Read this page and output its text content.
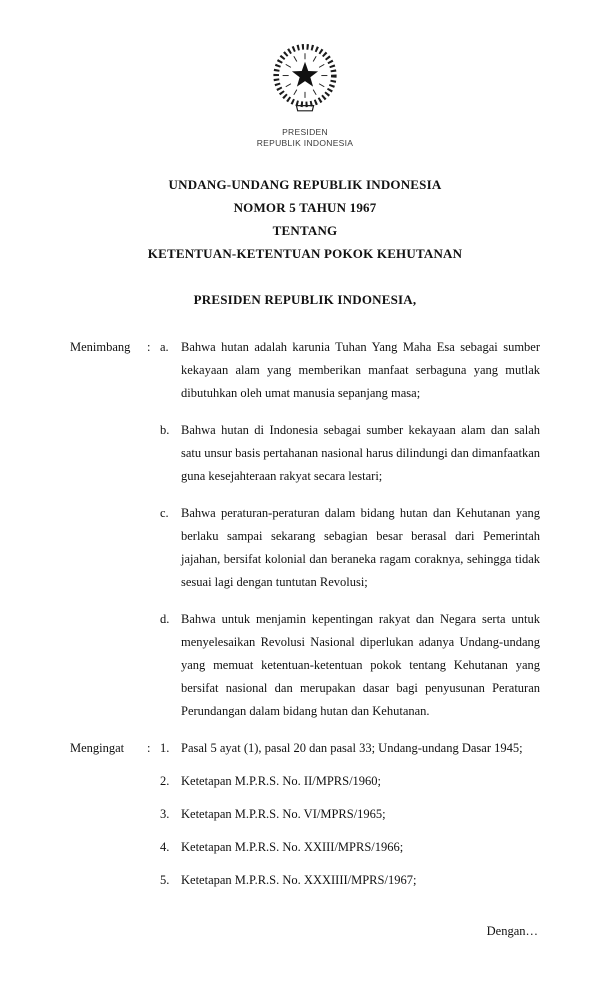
PRESIDEN
REPUBLIK INDONESIA
UNDANG-UNDANG REPUBLIK INDONESIA
NOMOR 5 TAHUN 1967
TENTANG
KETENTUAN-KETENTUAN POKOK KEHUTANAN
PRESIDEN REPUBLIK INDONESIA,
Menimbang	: a. Bahwa hutan adalah karunia Tuhan Yang Maha Esa sebagai sumber kekayaan alam yang memberikan manfaat serbaguna yang mutlak dibutuhkan oleh umat manusia sepanjang masa;
b. Bahwa hutan di Indonesia sebagai sumber kekayaan alam dan salah satu unsur basis pertahanan nasional harus dilindungi dan dimanfaatkan guna kesejahteraan rakyat secara lestari;
c. Bahwa peraturan-peraturan dalam bidang hutan dan Kehutanan yang berlaku sampai sekarang sebagian besar berasal dari Pemerintah jajahan, bersifat kolonial dan beraneka ragam coraknya, sehingga tidak sesuai lagi dengan tuntutan Revolusi;
d. Bahwa untuk menjamin kepentingan rakyat dan Negara serta untuk menyelesaikan Revolusi Nasional diperlukan adanya Undang-undang yang memuat ketentuan-ketentuan pokok tentang Kehutanan yang bersifat nasional dan merupakan dasar bagi penyusunan Peraturan Perundangan dalam bidang hutan dan Kehutanan.
Mengingat	: 1. Pasal 5 ayat (1), pasal 20 dan pasal 33; Undang-undang Dasar 1945;
2. Ketetapan M.P.R.S. No. II/MPRS/1960;
3. Ketetapan M.P.R.S. No. VI/MPRS/1965;
4. Ketetapan M.P.R.S. No. XXIII/MPRS/1966;
5. Ketetapan M.P.R.S. No. XXXIIII/MPRS/1967;
Dengan…
